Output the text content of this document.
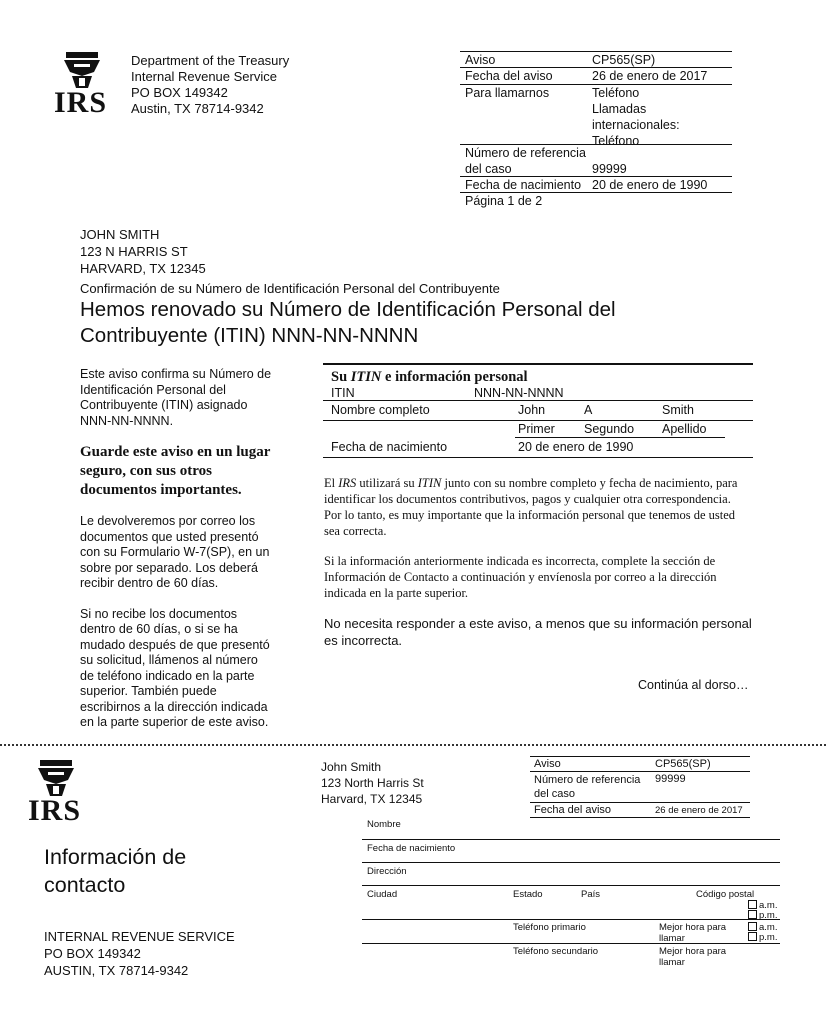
IRS
Department of the Treasury
Internal Revenue Service
PO BOX 149342
Austin, TX 78714-9342
Aviso	CP565(SP)
Fecha del aviso	26 de enero de 2017
Para llamarnos	Teléfono
Llamadas
internacionales:
Teléfono
Número de referencia
del caso	99999
Fecha de nacimiento 20 de enero de 1990
Página 1 de 2
JOHN SMITH
123 N HARRIS ST
HARVARD, TX 12345
Confirmación de su Número de Identificación Personal del Contribuyente
Hemos renovado su Número de Identificación Personal del
Contribuyente (ITIN) NNN-NN-NNNN
Este aviso confirma su Número de
Identificación Personal del
Contribuyente (ITIN) asignado
NNN-NN-NNNN.
Guarde este aviso en un lugar
seguro, con sus otros
documentos importantes.
Le devolveremos por correo los
documentos que usted presentó
con su Formulario W-7(SP), en un
sobre por separado. Los deberá
recibir dentro de 60 días.
Si no recibe los documentos
dentro de 60 días, o si se ha
mudado después de que presentó
su solicitud, llámenos al número
de teléfono indicado en la parte
superior. También puede
escribirnos a la dirección indicada
en la parte superior de este aviso.
Su ITIN e información personal
ITIN	NNN-NN-NNNN
Nombre completo	John	A	Smith
Primer Segundo Apellido
Fecha de nacimiento	20 de enero de 1990
El IRS utilizará su ITIN junto con su nombre completo y fecha de nacimiento, para
identificar los documentos contributivos, pagos y cualquier otra correspondencia.
Por lo tanto, es muy importante que la información personal que tenemos de usted
sea correcta.
Si la información anteriormente indicada es incorrecta, complete la sección de
Información de Contacto a continuación y envíenosla por correo a la dirección
indicada en la parte superior.
No necesita responder a este aviso, a menos que su información personal
es incorrecta.
Continúa al dorso…
IRS
Información de
contacto
INTERNAL REVENUE SERVICE
PO BOX 149342
AUSTIN, TX 78714-9342
John Smith
123 North Harris St
Harvard, TX 12345
Aviso	CP565(SP)
Número de referencia
del caso
99999
Fecha del aviso	26 de enero de 2017
Nombre
Fecha de nacimiento
Dirección
Ciudad	Estado	País	Código postal
a.m.
p.m.
Teléfono primario	Mejor hora para
llamar
a.m.
p.m.
Teléfono secundario	Mejor hora para
llamar
